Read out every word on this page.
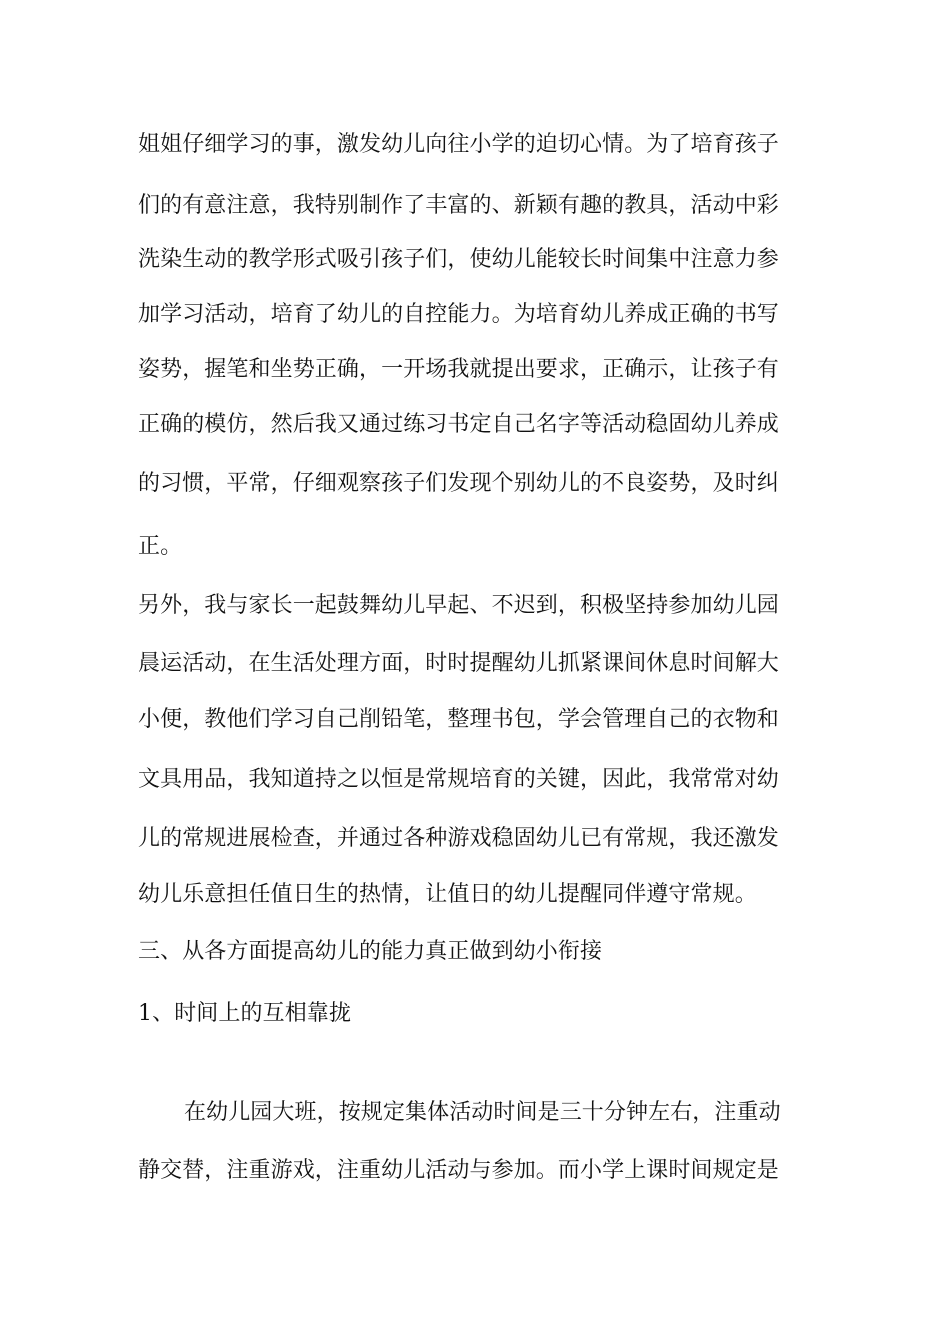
姐姐仔细学习的事，激发幼儿向往小学的迫切心情。为了培育孩子
们的有意注意，我特别制作了丰富的、新颖有趣的教具，活动中彩
洗染生动的教学形式吸引孩子们，使幼儿能较长时间集中注意力参
加学习活动，培育了幼儿的自控能力。为培育幼儿养成正确的书写
姿势，握笔和坐势正确，一开场我就提出要求，正确示，让孩子有
正确的模仿，然后我又通过练习书定自己名字等活动稳固幼儿养成
的习惯，平常，仔细观察孩子们发现个别幼儿的不良姿势，及时纠
正。
另外，我与家长一起鼓舞幼儿早起、不迟到，积极坚持参加幼儿园
晨运活动，在生活处理方面，时时提醒幼儿抓紧课间休息时间解大
小便，教他们学习自己削铅笔，整理书包，学会管理自己的衣物和
文具用品，我知道持之以恒是常规培育的关键，因此，我常常对幼
儿的常规进展检查，并通过各种游戏稳固幼儿已有常规，我还激发
幼儿乐意担任值日生的热情，让值日的幼儿提醒同伴遵守常规。
三、从各方面提高幼儿的能力真正做到幼小衔接
1、时间上的互相靠拢
在幼儿园大班，按规定集体活动时间是三十分钟左右，注重动
静交替，注重游戏，注重幼儿活动与参加。而小学上课时间规定是
